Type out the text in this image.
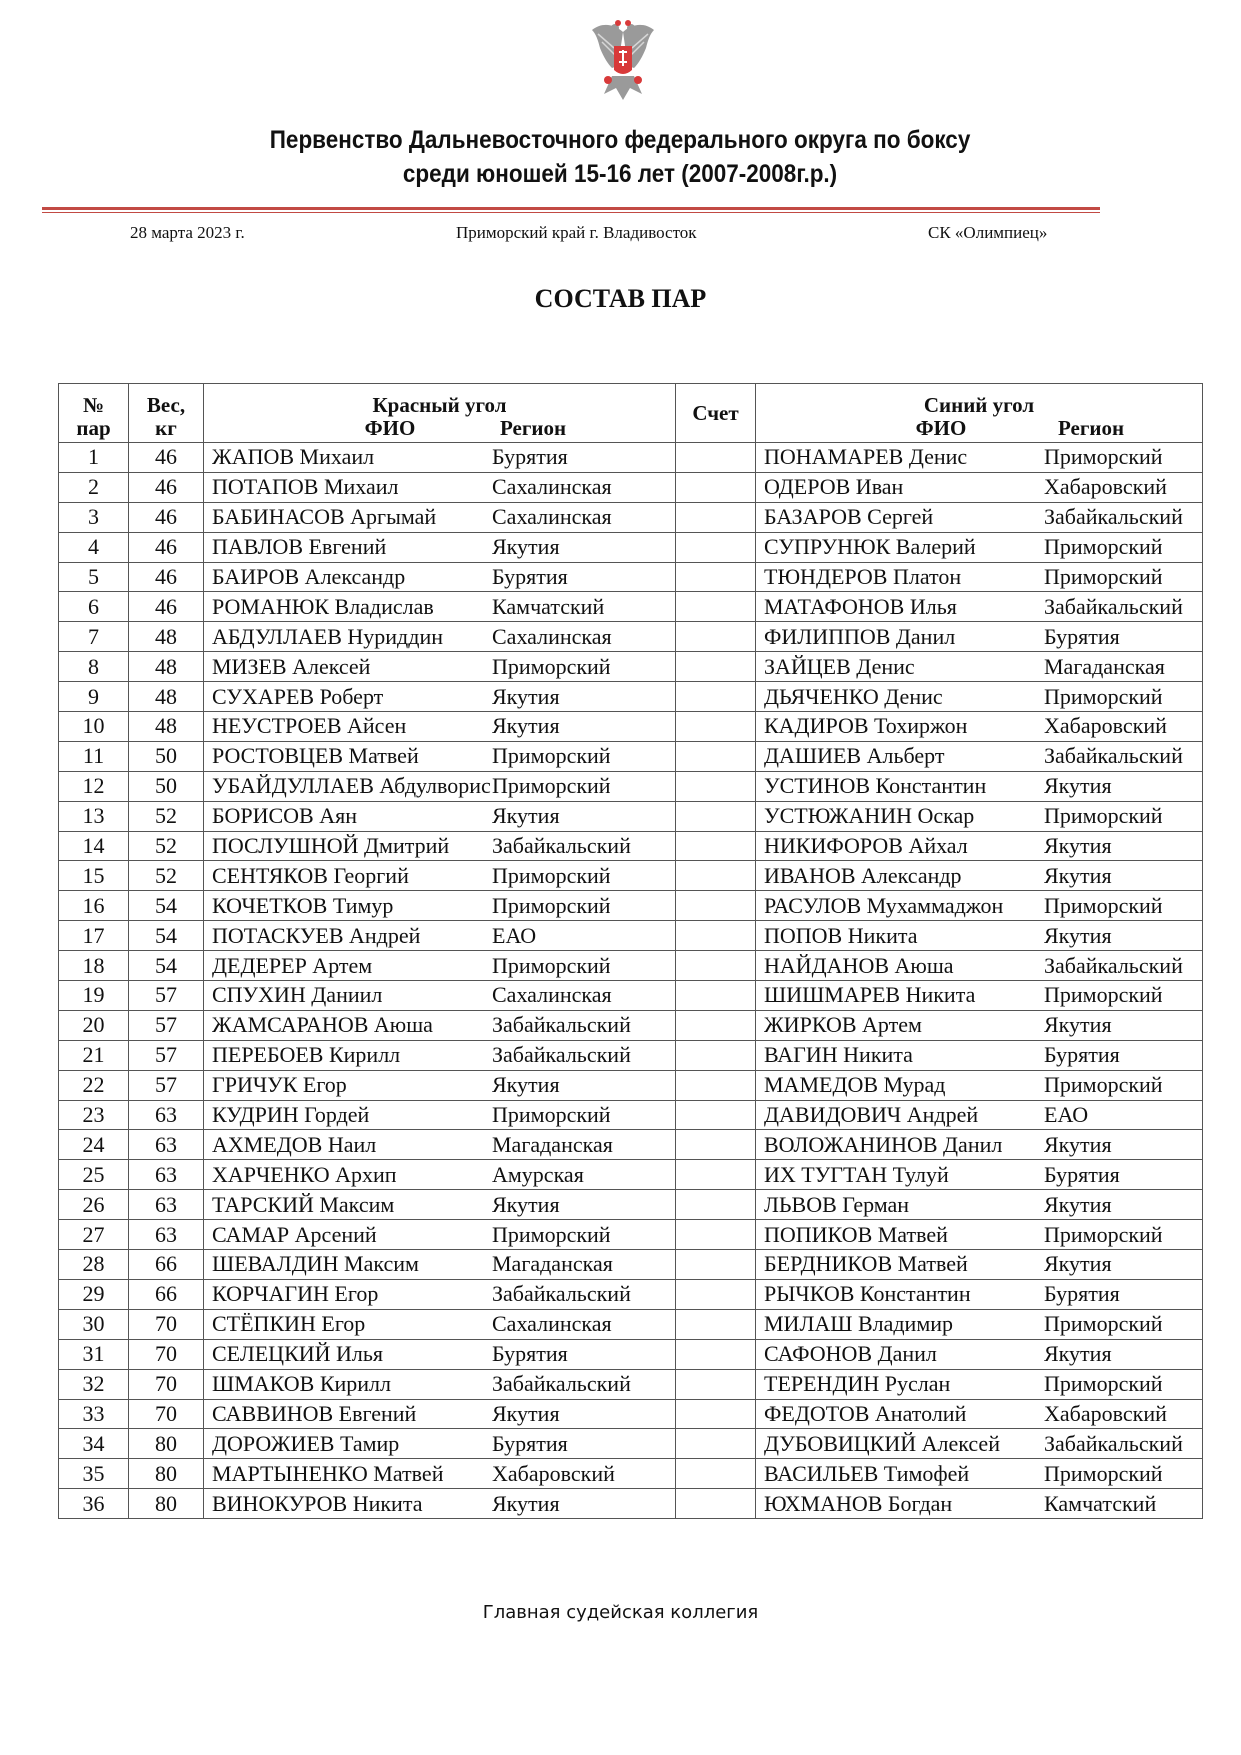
Первенство Дальневосточного федерального округа по боксу
среди юношей 15-16 лет (2007-2008г.р.)
28 марта 2023 г.	Приморский край г. Владивосток	СК «Олимпиец»
СОСТАВ ПАР
№	Вес,	Красный угол	Счет	Синий угол
пар	кг	ФИО Регион		ФИО Регион

1	46	ЖАПОВ Михаил Бурятия		ПОНАМАРЕВ Денис Приморский

2	46	ПОТАПОВ Михаил Сахалинская		ОДЕРОВ Иван Хабаровский

3	46	БАБИНАСОВ Аргымай Сахалинская		БАЗАРОВ Сергей Забайкальский

4	46	ПАВЛОВ Евгений Якутия		СУПРУНЮК Валерий Приморский

5	46	БАИРОВ Александр Бурятия		ТЮНДЕРОВ Платон Приморский

6	46	РОМАНЮК Владислав Камчатский		МАТАФОНОВ Илья Забайкальский

7	48	АБДУЛЛАЕВ Нуриддин Сахалинская		ФИЛИППОВ Данил Бурятия

8	48	МИЗЕВ Алексей Приморский		ЗАЙЦЕВ Денис Магаданская

9	48	СУХАРЕВ Роберт Якутия		ДЬЯЧЕНКО Денис Приморский

10	48	НЕУСТРОЕВ Айсен Якутия		КАДИРОВ Тохиржон Хабаровский

11	50	РОСТОВЦЕВ Матвей Приморский		ДАШИЕВ Альберт Забайкальский

12	50	УБАЙДУЛЛАЕВ Абдулворис Приморский		УСТИНОВ Константин Якутия

13	52	БОРИСОВ Аян Якутия		УСТЮЖАНИН Оскар Приморский

14	52	ПОСЛУШНОЙ Дмитрий Забайкальский		НИКИФОРОВ Айхал Якутия

15	52	СЕНТЯКОВ Георгий Приморский		ИВАНОВ Александр Якутия

16	54	КОЧЕТКОВ Тимур Приморский		РАСУЛОВ Мухаммаджон Приморский

17	54	ПОТАСКУЕВ Андрей ЕАО		ПОПОВ Никита Якутия

18	54	ДЕДЕРЕР Артем Приморский		НАЙДАНОВ Аюша Забайкальский

19	57	СПУХИН Даниил Сахалинская		ШИШМАРЕВ Никита Приморский

20	57	ЖАМСАРАНОВ Аюша Забайкальский		ЖИРКОВ Артем Якутия

21	57	ПЕРЕБОЕВ Кирилл Забайкальский		ВАГИН Никита Бурятия

22	57	ГРИЧУК Егор Якутия		МАМЕДОВ Мурад Приморский

23	63	КУДРИН Гордей Приморский		ДАВИДОВИЧ Андрей ЕАО

24	63	АХМЕДОВ Наил Магаданская		ВОЛОЖАНИНОВ Данил Якутия

25	63	ХАРЧЕНКО Архип Амурская		ИХ ТУГТАН Тулуй Бурятия

26	63	ТАРСКИЙ Максим Якутия		ЛЬВОВ Герман Якутия

27	63	САМАР Арсений Приморский		ПОПИКОВ Матвей Приморский

28	66	ШЕВАЛДИН Максим Магаданская		БЕРДНИКОВ Матвей Якутия

29	66	КОРЧАГИН Егор Забайкальский		РЫЧКОВ Константин Бурятия

30	70	СТЁПКИН Егор Сахалинская		МИЛАШ Владимир Приморский

31	70	СЕЛЕЦКИЙ Илья Бурятия		САФОНОВ Данил Якутия

32	70	ШМАКОВ Кирилл Забайкальский		ТЕРЕНДИН Руслан Приморский

33	70	САВВИНОВ Евгений Якутия		ФЕДОТОВ Анатолий Хабаровский

34	80	ДОРОЖИЕВ Тамир Бурятия		ДУБОВИЦКИЙ Алексей Забайкальский

35	80	МАРТЫНЕНКО Матвей Хабаровский		ВАСИЛЬЕВ Тимофей Приморский

36	80	ВИНОКУРОВ Никита Якутия		ЮХМАНОВ Богдан Камчатский
Главная судейская коллегия
